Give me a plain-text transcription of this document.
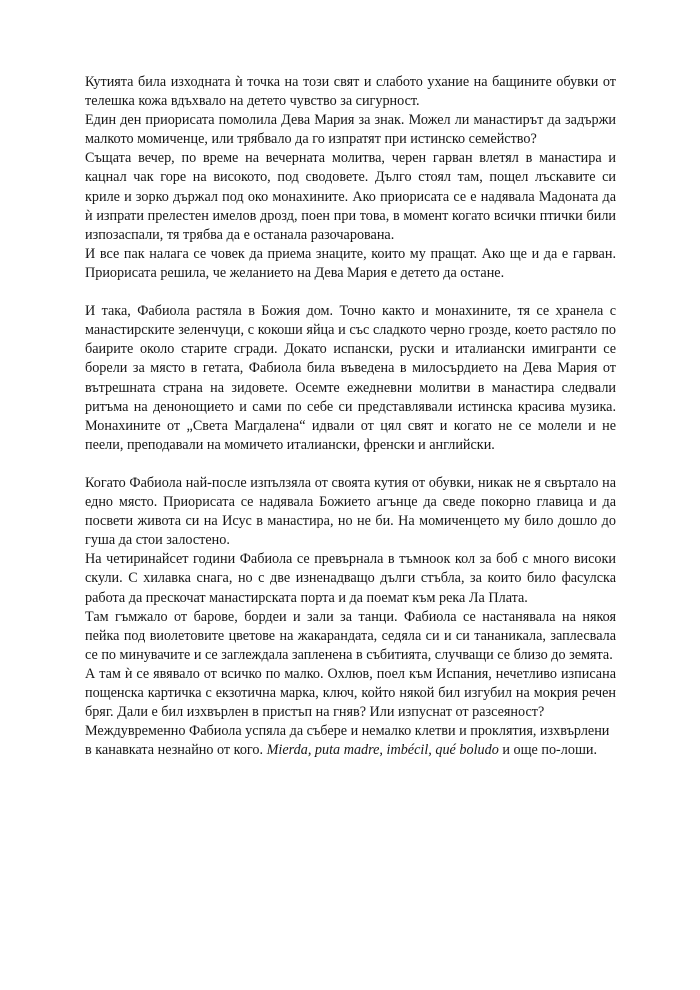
Кутията била изходната ѝ точка на този свят и слабото ухание на бащините обувки от телешка кожа вдъхвало на детето чувство за сигурност.

Един ден приорисата помолила Дева Мария за знак. Можел ли манастирът да задържи малкото момиченце, или трябвало да го изпратят при истинско семейство?

Същата вечер, по време на вечерната молитва, черен гарван влетял в манастира и кацнал чак горе на високото, под сводовете. Дълго стоял там, пощел лъскавите си криле и зорко държал под око монахините. Ако приорисата се е надявала Мадоната да ѝ изпрати прелестен имелов дрозд, поен при това, в момент когато всички птички били изпозаспали, тя трябва да е останала разочарована.

И все пак налага се човек да приема знаците, които му пращат. Ако ще и да е гарван. Приорисата решила, че желанието на Дева Мария е детето да остане.

И така, Фабиола растяла в Божия дом. Точно както и монахините, тя се хранела с манастирските зеленчуци, с кокоши яйца и със сладкото черно грозде, което растяло по баирите около старите сгради. Докато испански, руски и италиански имигранти се борели за място в гетата, Фабиола била въведена в милосърдието на Дева Мария от вътрешната страна на зидовете. Осемте ежедневни молитви в манастира следвали ритъма на денонощието и сами по себе си представлявали истинска красива музика. Монахините от „Света Магдалена“ идвали от цял свят и когато не се молели и не пеели, преподавали на момичето италиански, френски и английски.

Когато Фабиола най-после изпълзяла от своята кутия от обувки, никак не я свъртало на едно място. Приорисата се надявала Божието агънце да сведе покорно главица и да посвети живота си на Исус в манастира, но не би. На момиченцето му било дошло до гуша да стои залостено.

На четиринайсет години Фабиола се превърнала в тъмноок кол за боб с много високи скули. С хилавка снага, но с две изненадващо дълги стъбла, за които било фасулска работа да прескочат манастирската порта и да поемат към река Ла Плата.

Там гъмжало от барове, бордеи и зали за танци. Фабиола се настанявала на някоя пейка под виолетовите цветове на жакарандата, седяла си и си тананикала, заплесвала се по минувачите и се заглеждала запленена в събитията, случващи се близо до земята.

А там ѝ се явявало от всичко по малко. Охлюв, поел към Испания, нечетливо изписана пощенска картичка с екзотична марка, ключ, който някой бил изгубил на мокрия речен бряг. Дали е бил изхвърлен в пристъп на гняв? Или изпуснат от разсеяност?

Междувременно Фабиола успяла да събере и немалко клетви и проклятия, изхвърлени в канавката незнайно от кого. Mierda, puta madre, imbécil, qué boludo и още по-лоши.
